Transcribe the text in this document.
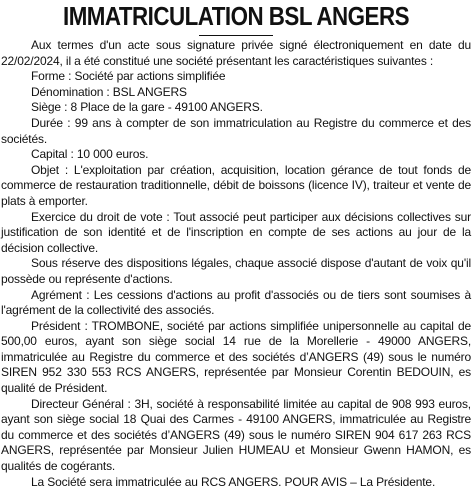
IMMATRICULATION BSL ANGERS

Aux termes d'un acte sous signature privée signé électroniquement en date du 22/02/2024, il a été constitué une société présentant les caractéristiques suivantes :

Forme : Société par actions simplifiée

Dénomination : BSL ANGERS

Siège : 8 Place de la gare - 49100 ANGERS.

Durée : 99 ans à compter de son immatriculation au Registre du commerce et des sociétés.

Capital : 10 000 euros.

Objet : L'exploitation par création, acquisition, location gérance de tout fonds de commerce de restauration traditionnelle, débit de boissons (licence IV), traiteur et vente de plats à emporter.

Exercice du droit de vote : Tout associé peut participer aux décisions collectives sur justification de son identité et de l'inscription en compte de ses actions au jour de la décision collective.

Sous réserve des dispositions légales, chaque associé dispose d'autant de voix qu'il possède ou représente d'actions.

Agrément : Les cessions d'actions au profit d'associés ou de tiers sont soumises à l'agrément de la collectivité des associés.

Président : TROMBONE, société par actions simplifiée unipersonnelle au capital de 500,00 euros, ayant son siège social 14 rue de la Morellerie - 49000 ANGERS, immatriculée au Registre du commerce et des sociétés d’ANGERS (49) sous le numéro SIREN 952 330 553 RCS ANGERS, représentée par Monsieur Corentin BEDOUIN, es qualité de Président.

Directeur Général : 3H, société à responsabilité limitée au capital de 908 993 euros, ayant son siège social 18 Quai des Carmes - 49100 ANGERS, immatriculée au Registre du commerce et des sociétés d’ANGERS (49) sous le numéro SIREN 904 617 263 RCS ANGERS, représentée par Monsieur Julien HUMEAU et Monsieur Gwenn HAMON, es qualités de cogérants.

La Société sera immatriculée au RCS ANGERS. POUR AVIS – La Présidente.
